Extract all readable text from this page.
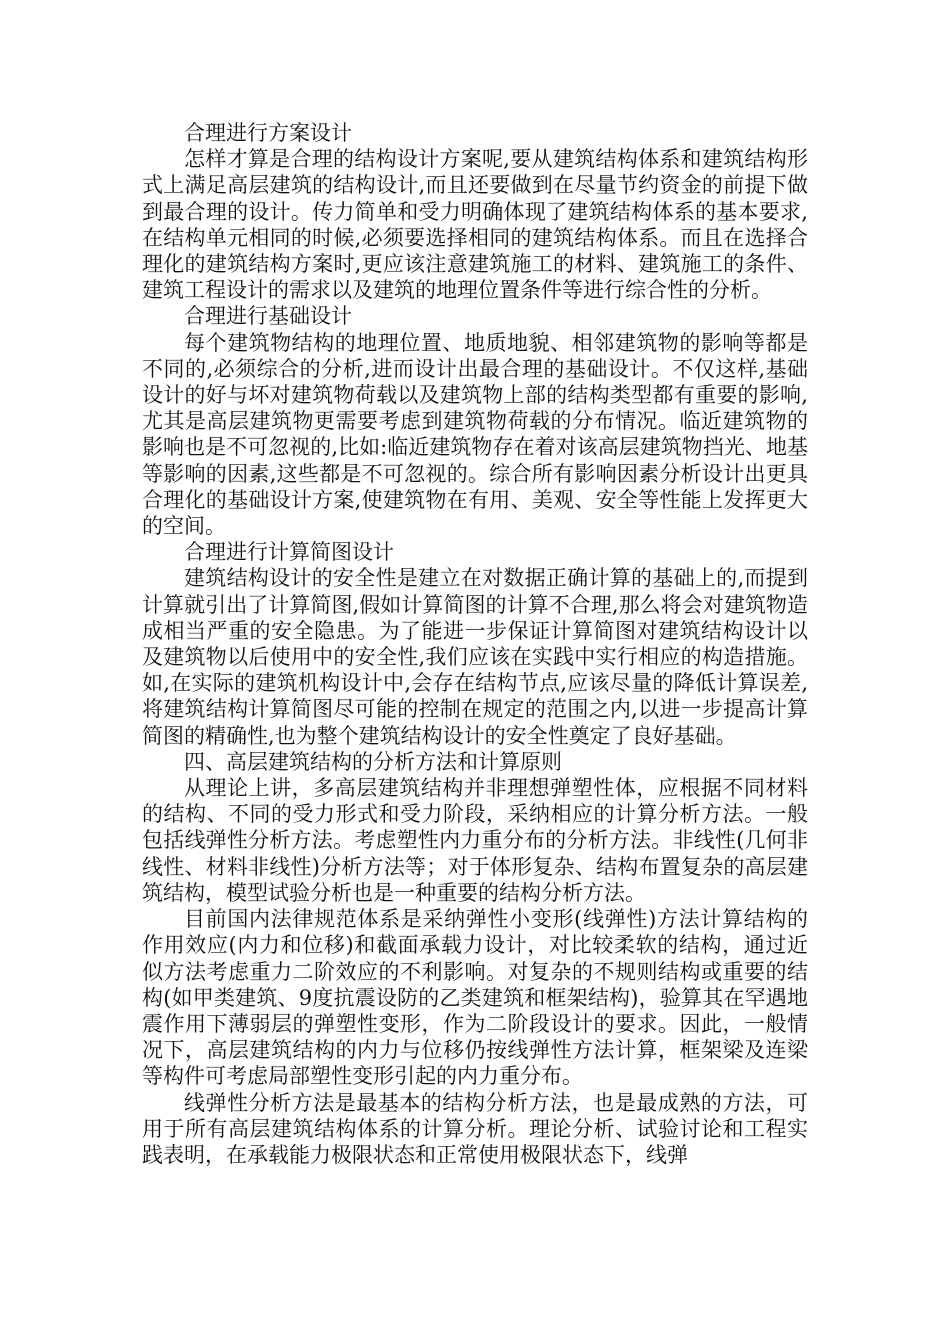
合理进行方案设计

怎样才算是合理的结构设计方案呢,要从建筑结构体系和建筑结构形式上满足高层建筑的结构设计,而且还要做到在尽量节约资金的前提下做到最合理的设计。传力简单和受力明确体现了建筑结构体系的基本要求,在结构单元相同的时候,必须要选择相同的建筑结构体系。而且在选择合理化的建筑结构方案时,更应该注意建筑施工的材料、建筑施工的条件、建筑工程设计的需求以及建筑的地理位置条件等进行综合性的分析。

合理进行基础设计

每个建筑物结构的地理位置、地质地貌、相邻建筑物的影响等都是不同的,必须综合的分析,进而设计出最合理的基础设计。不仅这样,基础设计的好与坏对建筑物荷载以及建筑物上部的结构类型都有重要的影响,尤其是高层建筑物更需要考虑到建筑物荷载的分布情况。临近建筑物的影响也是不可忽视的,比如:临近建筑物存在着对该高层建筑物挡光、地基等影响的因素,这些都是不可忽视的。综合所有影响因素分析设计出更具合理化的基础设计方案,使建筑物在有用、美观、安全等性能上发挥更大的空间。

合理进行计算简图设计

建筑结构设计的安全性是建立在对数据正确计算的基础上的,而提到计算就引出了计算简图,假如计算简图的计算不合理,那么将会对建筑物造成相当严重的安全隐患。为了能进一步保证计算简图对建筑结构设计以及建筑物以后使用中的安全性,我们应该在实践中实行相应的构造措施。如,在实际的建筑机构设计中,会存在结构节点,应该尽量的降低计算误差,将建筑结构计算简图尽可能的控制在规定的范围之内,以进一步提高计算简图的精确性,也为整个建筑结构设计的安全性奠定了良好基础。

四、高层建筑结构的分析方法和计算原则

从理论上讲，多高层建筑结构并非理想弹塑性体，应根据不同材料的结构、不同的受力形式和受力阶段，采纳相应的计算分析方法。一般包括线弹性分析方法。考虑塑性内力重分布的分析方法。非线性(几何非线性、材料非线性)分析方法等；对于体形复杂、结构布置复杂的高层建筑结构，模型试验分析也是一种重要的结构分析方法。

目前国内法律规范体系是采纳弹性小变形(线弹性)方法计算结构的作用效应(内力和位移)和截面承载力设计，对比较柔软的结构，通过近似方法考虑重力二阶效应的不利影响。对复杂的不规则结构或重要的结构(如甲类建筑、9度抗震设防的乙类建筑和框架结构)，验算其在罕遇地震作用下薄弱层的弹塑性变形，作为二阶段设计的要求。因此，一般情况下，高层建筑结构的内力与位移仍按线弹性方法计算，框架梁及连梁等构件可考虑局部塑性变形引起的内力重分布。

线弹性分析方法是最基本的结构分析方法，也是最成熟的方法，可用于所有高层建筑结构体系的计算分析。理论分析、试验讨论和工程实践表明，在承载能力极限状态和正常使用极限状态下，线弹
